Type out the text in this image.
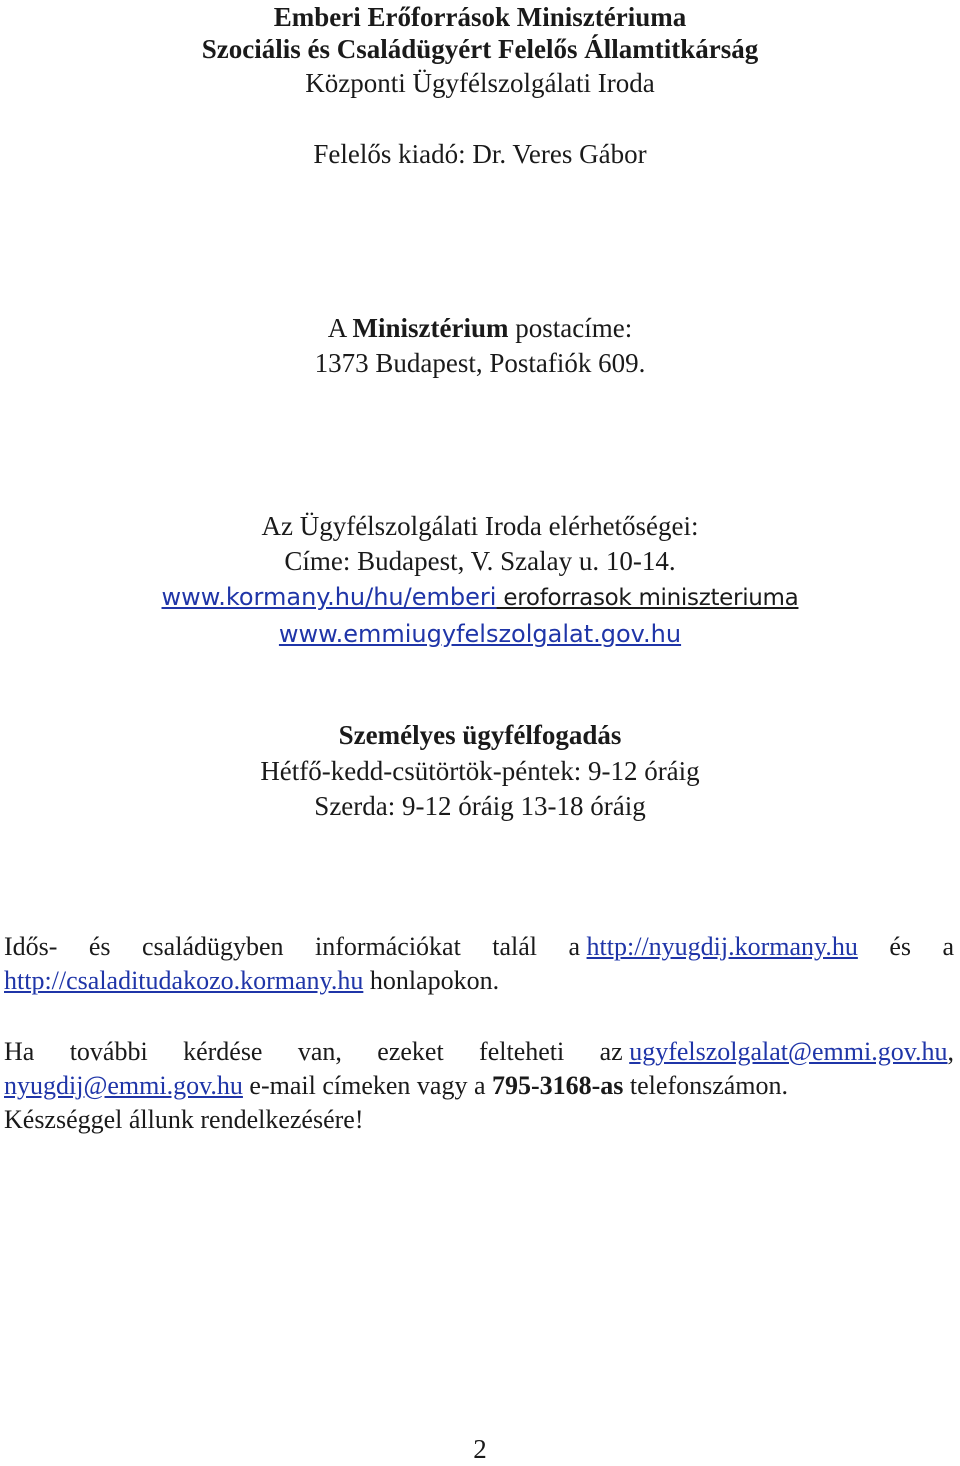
Emberi Erőforrások Minisztériuma
Szociális és Családügyért Felelős Államtitkárság
Központi Ügyfélszolgálati Iroda
Felelős kiadó: Dr. Veres Gábor
A Minisztérium postacíme:
1373 Budapest, Postafiók 609.
Az Ügyfélszolgálati Iroda elérhetőségei:
Címe: Budapest, V. Szalay u. 10-14.
www.kormany.hu/hu/emberi eroforrasok miniszteriuma
www.emmiugyfelszolgalat.gov.hu
Személyes ügyfélfogadás
Hétfő-kedd-csütörtök-péntek: 9-12 óráig
Szerda: 9-12 óráig 13-18 óráig
Idős- és családügyben információkat talál a http://nyugdij.kormany.hu és a
http://csaladitudakozo.kormany.hu honlapokon.
Ha további kérdése van, ezeket felteheti az ugyfelszolgalat@emmi.gov.hu,
nyugdij@emmi.gov.hu e-mail címeken vagy a 795-3168-as telefonszámon.
Készséggel állunk rendelkezésére!
2
